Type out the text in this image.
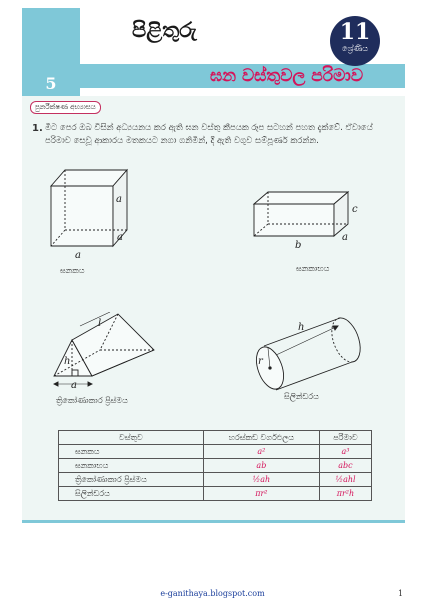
5
පිළිතුරු
ඝන වස්තුවල පරිමාව
11
ශ්‍රේණිය
පුනරීක්ෂණ අභ්‍යාසය
1. මීට පෙර ඔබ විසින් අධ්‍යයනය කර ඇති ඝන වස්තු කීපයක රූප සටහන් පහත දැක්වේ. ඒවායේ පරිමාව සෙවූ ආකාරය මතකයට නගා ගනිමින්, දී ඇති වගුව සම්පූර්ණ කරන්න.
a
a
a
ඝනකය
c
a
b
ඝනකාභය
l
h
a
ත්‍රිකෝණාකාර ප්‍රිස්මය
h
r
සිලින්ඩරය
වස්තුව	හරස්කඩ වර්ගඵලය	පරිමාව
ඝනකය	a²	a³
ඝනකාභය	ab	abc
ත්‍රිකෝණාකාර ප්‍රිස්මය	½ah	½ahl
සිලින්ඩරය	πr²	πr²h
e-ganithaya.blogspot.com	1
